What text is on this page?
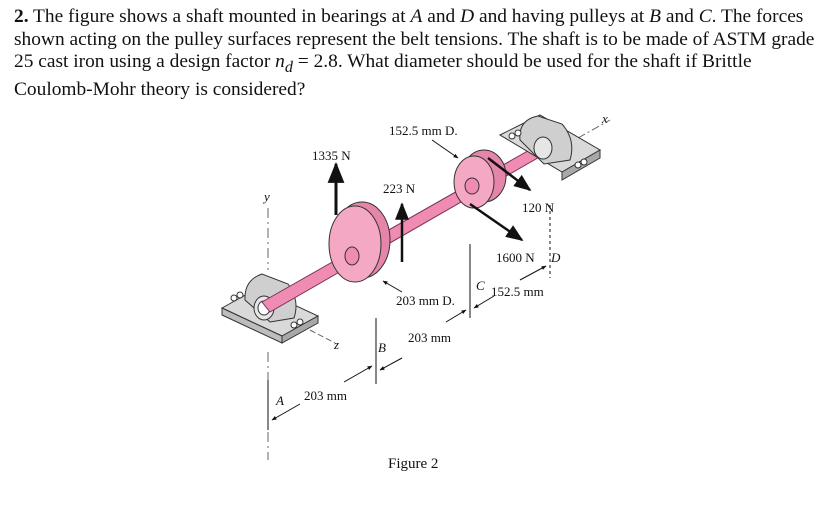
2. The figure shows a shaft mounted in bearings at A and D and having pulleys at B and C. The forces shown acting on the pulley surfaces represent the belt tensions. The shaft is to be made of ASTM grade 25 cast iron using a design factor $n_d = 2.8$. What diameter should be used for the shaft if Brittle Coulomb-Mohr theory is considered?
x
y
z
152.5 mm D.
1335 N
223 N
120 N
1600 N D
C 152.5 mm
203 mm D.
203 mm
B
A 203 mm
Figure 2
